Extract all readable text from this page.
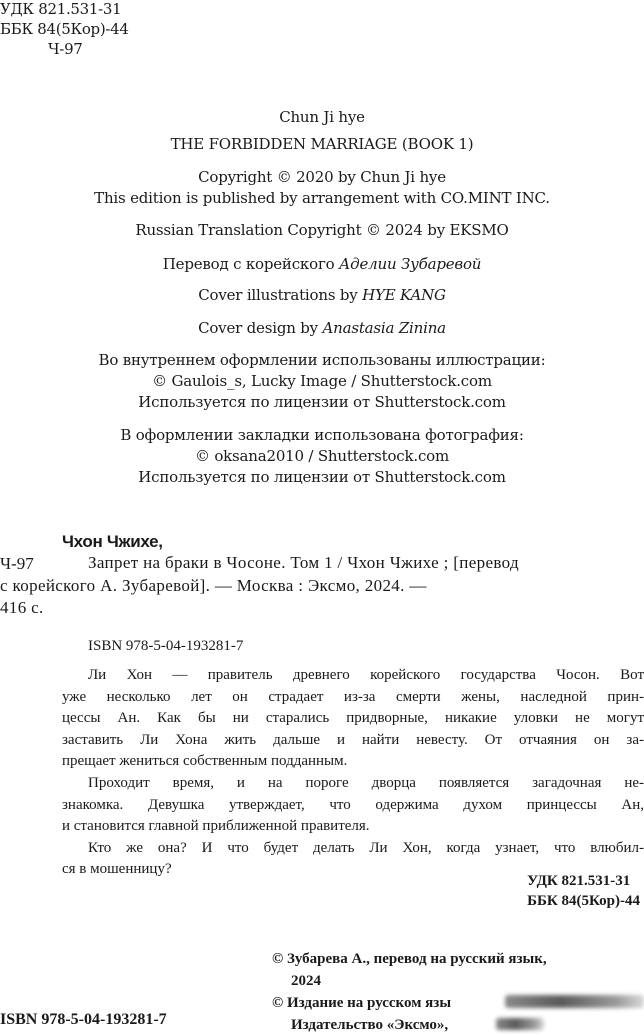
УДК 821.531-31

ББК 84(5Кор)-44

Ч-97

Chun Ji hye

THE FORBIDDEN MARRIAGE (BOOK 1)

Copyright © 2020 by Chun Ji hye

This edition is published by arrangement with CO.MINT INC.

Russian Translation Copyright © 2024 by EKSMO

Перевод с корейского Аделии Зубаревой

Cover illustrations by HYE KANG

Cover design by Anastasia Zinina

Во внутреннем оформлении использованы иллюстрации:

© Gaulois_s, Lucky Image / Shutterstock.com

Используется по лицензии от Shutterstock.com

В оформлении закладки использована фотография:

© oksana2010 / Shutterstock.com

Используется по лицензии от Shutterstock.com

Чхон Чжихе,

Ч-97	Запрет на браки в Чосоне. Том 1 / Чхон Чжихе ; [перевод
с корейского А. Зубаревой]. — Москва : Эксмо, 2024. —
416 с.

ISBN 978-5-04-193281-7

Ли Хон — правитель древнего корейского государства Чосон. Вот
уже несколько лет он страдает из-за смерти жены, наследной прин-
цессы Ан. Как бы ни старались придворные, никакие уловки не могут
заставить Ли Хона жить дальше и найти невесту. От отчаяния он за-
прещает жениться собственным подданным.
Проходит время, и на пороге дворца появляется загадочная не-
знакомка. Девушка утверждает, что одержима духом принцессы Ан,
и становится главной приближенной правителя.
Кто же она? И что будет делать Ли Хон, когда узнает, что влюбил-
ся в мошенницу?
УДК 821.531-31
ББК 84(5Кор)-44
© Зубарева А., перевод на русский язык,
2024
© Издание на русском язы
Издательство «Эксмо»,

ISBN 978-5-04-193281-7
